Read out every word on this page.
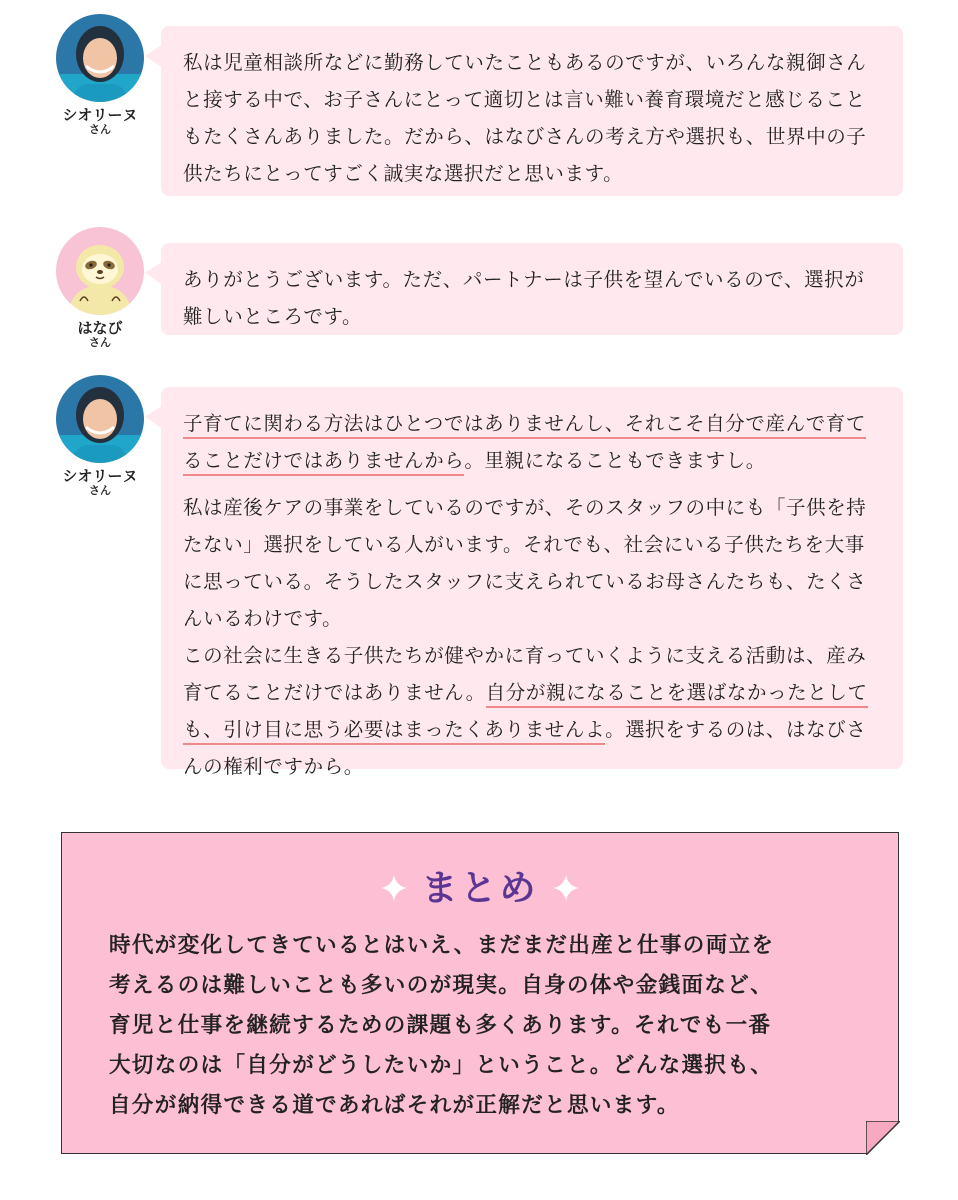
シオリーヌ
さん

私は児童相談所などに勤務していたこともあるのですが、いろんな親御さんと接する中で、お子さんにとって適切とは言い難い養育環境だと感じることもたくさんありました。だから、はなびさんの考え方や選択も、世界中の子供たちにとってすごく誠実な選択だと思います。

はなび
さん

ありがとうございます。ただ、パートナーは子供を望んでいるので、選択が難しいところです。

シオリーヌ
さん

子育てに関わる方法はひとつではありませんし、それこそ自分で産んで育てることだけではありませんから。里親になることもできますし。

私は産後ケアの事業をしているのですが、そのスタッフの中にも「子供を持たない」選択をしている人がいます。それでも、社会にいる子供たちを大事に思っている。そうしたスタッフに支えられているお母さんたちも、たくさんいるわけです。

この社会に生きる子供たちが健やかに育っていくように支える活動は、産み育てることだけではありません。自分が親になることを選ばなかったとしても、引け目に思う必要はまったくありませんよ。選択をするのは、はなびさんの権利ですから。

まとめ
時代が変化してきているとはいえ、まだまだ出産と仕事の両立を
考えるのは難しいことも多いのが現実。自身の体や金銭面など、
育児と仕事を継続するための課題も多くあります。それでも一番
大切なのは「自分がどうしたいか」ということ。どんな選択も、
自分が納得できる道であればそれが正解だと思います。
